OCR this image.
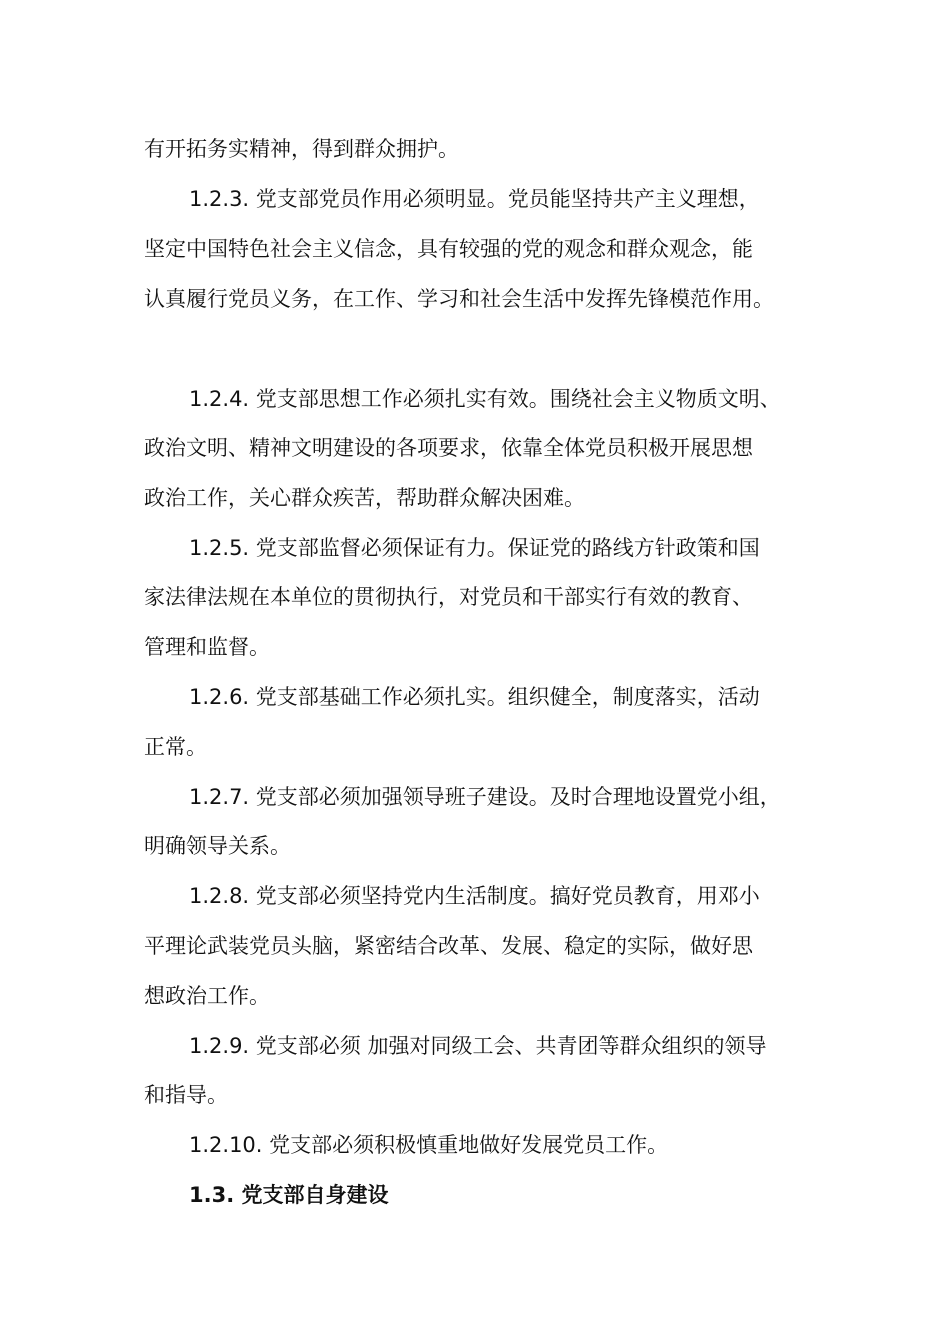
有开拓务实精神，得到群众拥护。
1.2.3. 党支部党员作用必须明显。党员能坚持共产主义理想，
坚定中国特色社会主义信念，具有较强的党的观念和群众观念，能
认真履行党员义务，在工作、学习和社会生活中发挥先锋模范作用。
1.2.4. 党支部思想工作必须扎实有效。围绕社会主义物质文明、
政治文明、精神文明建设的各项要求，依靠全体党员积极开展思想
政治工作，关心群众疾苦，帮助群众解决困难。
1.2.5. 党支部监督必须保证有力。保证党的路线方针政策和国
家法律法规在本单位的贯彻执行，对党员和干部实行有效的教育、
管理和监督。
1.2.6. 党支部基础工作必须扎实。组织健全，制度落实，活动
正常。
1.2.7. 党支部必须加强领导班子建设。及时合理地设置党小组，
明确领导关系。
1.2.8. 党支部必须坚持党内生活制度。搞好党员教育，用邓小
平理论武装党员头脑，紧密结合改革、发展、稳定的实际，做好思
想政治工作。
1.2.9. 党支部必须 加强对同级工会、共青团等群众组织的领导
和指导。
1.2.10. 党支部必须积极慎重地做好发展党员工作。
1.3. 党支部自身建设
